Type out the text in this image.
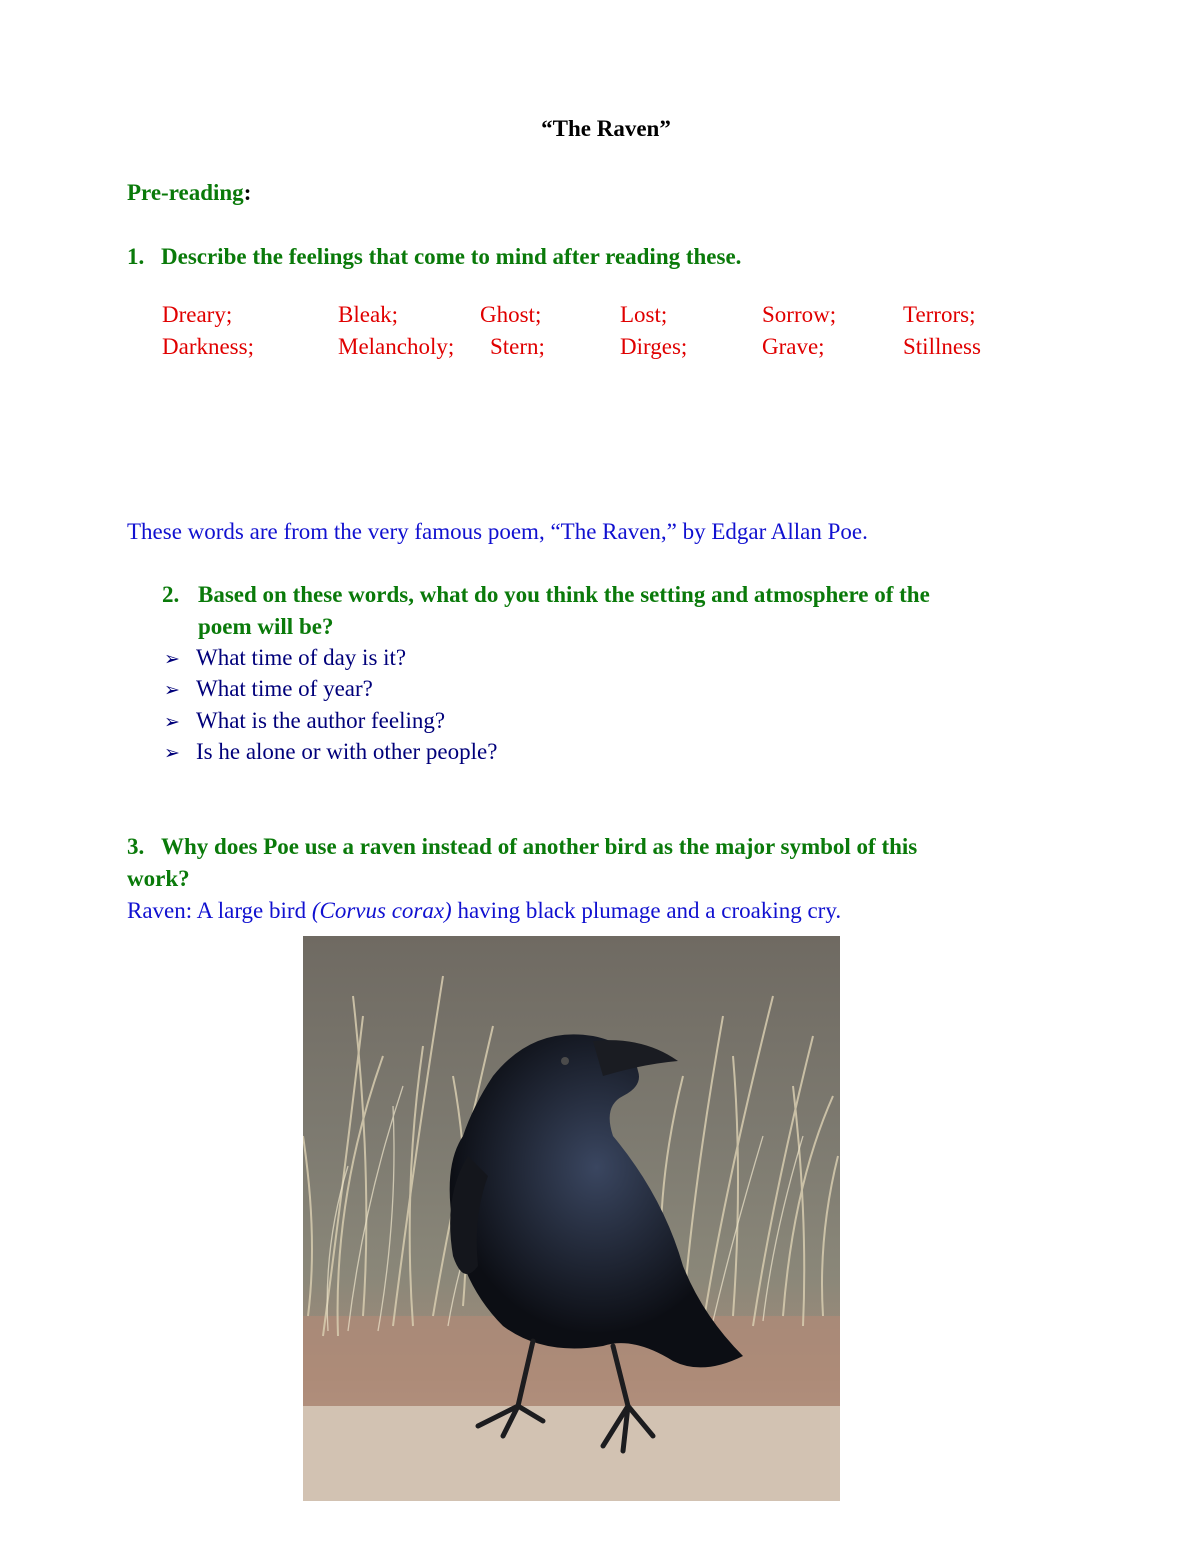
“The Raven”
Pre-reading:
1. Describe the feelings that come to mind after reading these.
Dreary;	Bleak;	Ghost;	Lost;	Sorrow;	Terrors;
Darkness;	Melancholy; Stern;	Dirges;	Grave;	Stillness
These words are from the very famous poem, “The Raven,” by Edgar Allan Poe.
2. Based on these words, what do you think the setting and atmosphere of the
poem will be?
➢ What time of day is it?
➢ What time of year?
➢ What is the author feeling?
➢ Is he alone or with other people?
3. Why does Poe use a raven instead of another bird as the major symbol of this
work?
Raven: A large bird (Corvus corax) having black plumage and a croaking cry.
